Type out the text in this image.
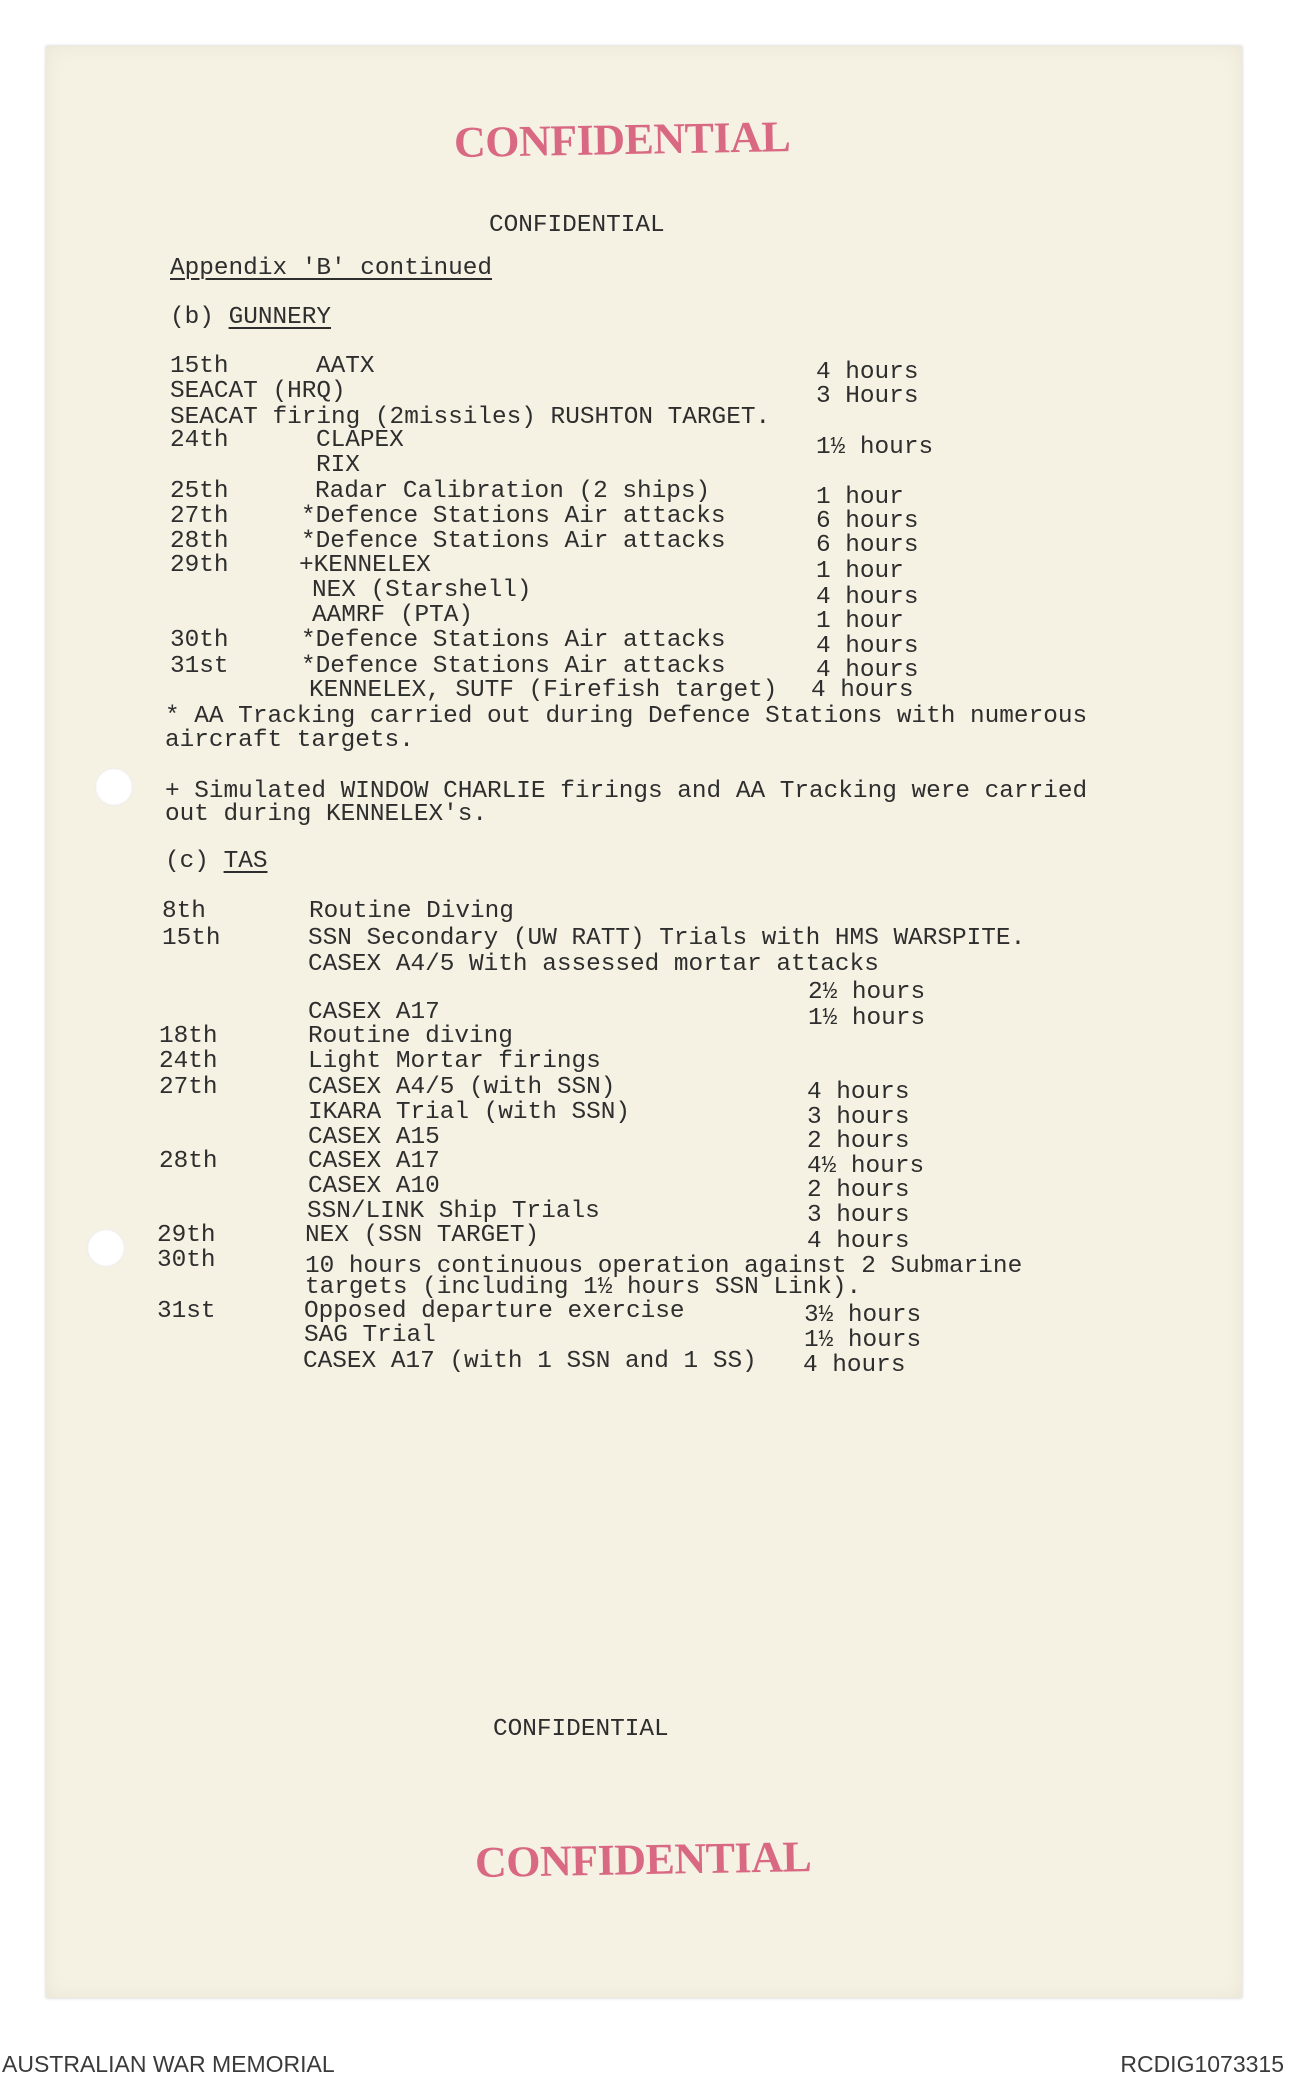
CONFIDENTIAL
CONFIDENTIAL
Appendix 'B' continued
(b) GUNNERY
15th	AATX	4 hours
SEACAT (HRQ)	3 Hours
SEACAT firing (2missiles) RUSHTON TARGET.
24th	CLAPEX	1½ hours
RIX
25th	Radar Calibration (2 ships)	1 hour
27th	*Defence Stations Air attacks	6 hours
28th	*Defence Stations Air attacks	6 hours
29th	+KENNELEX	1 hour
NEX (Starshell)	4 hours
AAMRF (PTA)	1 hour
30th	*Defence Stations Air attacks	4 hours
31st	*Defence Stations Air attacks	4 hours
KENNELEX, SUTF (Firefish target) 4 hours
* AA Tracking carried out during Defence Stations with numerous
aircraft targets.
+ Simulated WINDOW CHARLIE firings and AA Tracking were carried
out during KENNELEX's.
(c) TAS
8th	Routine Diving
15th	SSN Secondary (UW RATT) Trials with HMS WARSPITE.
CASEX A4/5 With assessed mortar attacks
2½ hours
CASEX A17	1½ hours
18th	Routine diving
24th	Light Mortar firings
27th	CASEX A4/5 (with SSN)	4 hours
IKARA Trial (with SSN)	3 hours
CASEX A15	2 hours
28th	CASEX A17	4½ hours
CASEX A10	2 hours
SSN/LINK Ship Trials	3 hours
29th	NEX (SSN TARGET)	4 hours
30th	10 hours continuous operation against 2 Submarine
targets (including 1½ hours SSN Link).
31st	Opposed departure exercise	3½ hours
SAG Trial	1½ hours
CASEX A17 (with 1 SSN and 1 SS) 4 hours
CONFIDENTIAL
CONFIDENTIAL
AUSTRALIAN WAR MEMORIAL	RCDIG1073315
